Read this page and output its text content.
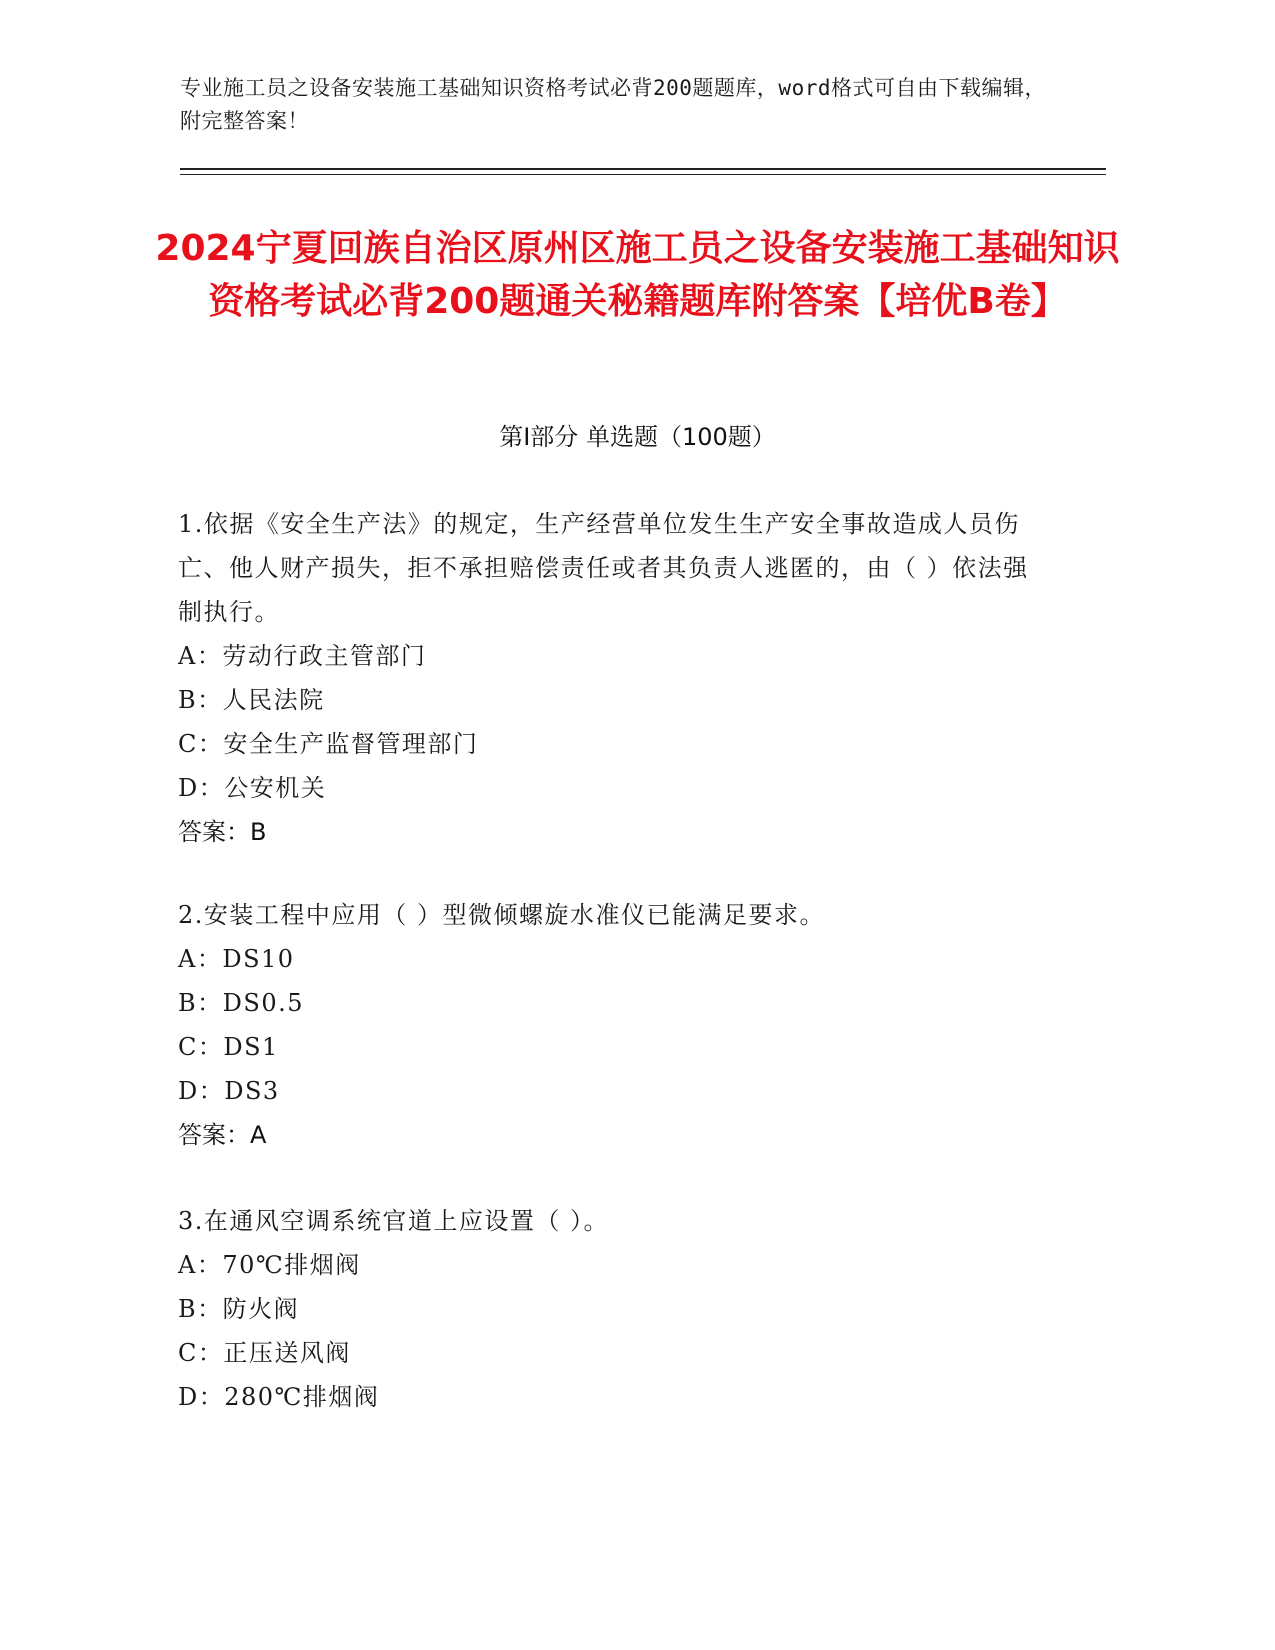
专业施工员之设备安装施工基础知识资格考试必背200题题库，word格式可自由下载编辑，附完整答案！
2024宁夏回族自治区原州区施工员之设备安装施工基础知识资格考试必背200题通关秘籍题库附答案【培优B卷】
第Ⅰ部分 单选题（100题）
1.依据《安全生产法》的规定，生产经营单位发生生产安全事故造成人员伤亡、他人财产损失，拒不承担赔偿责任或者其负责人逃匿的，由（ ）依法强制执行。
A：劳动行政主管部门
B：人民法院
C：安全生产监督管理部门
D：公安机关
答案：B
2.安装工程中应用（ ）型微倾螺旋水准仪已能满足要求。
A：DS10
B：DS0.5
C：DS1
D：DS3
答案：A
3.在通风空调系统官道上应设置（ ）。
A：70℃排烟阀
B：防火阀
C：正压送风阀
D：280℃排烟阀
